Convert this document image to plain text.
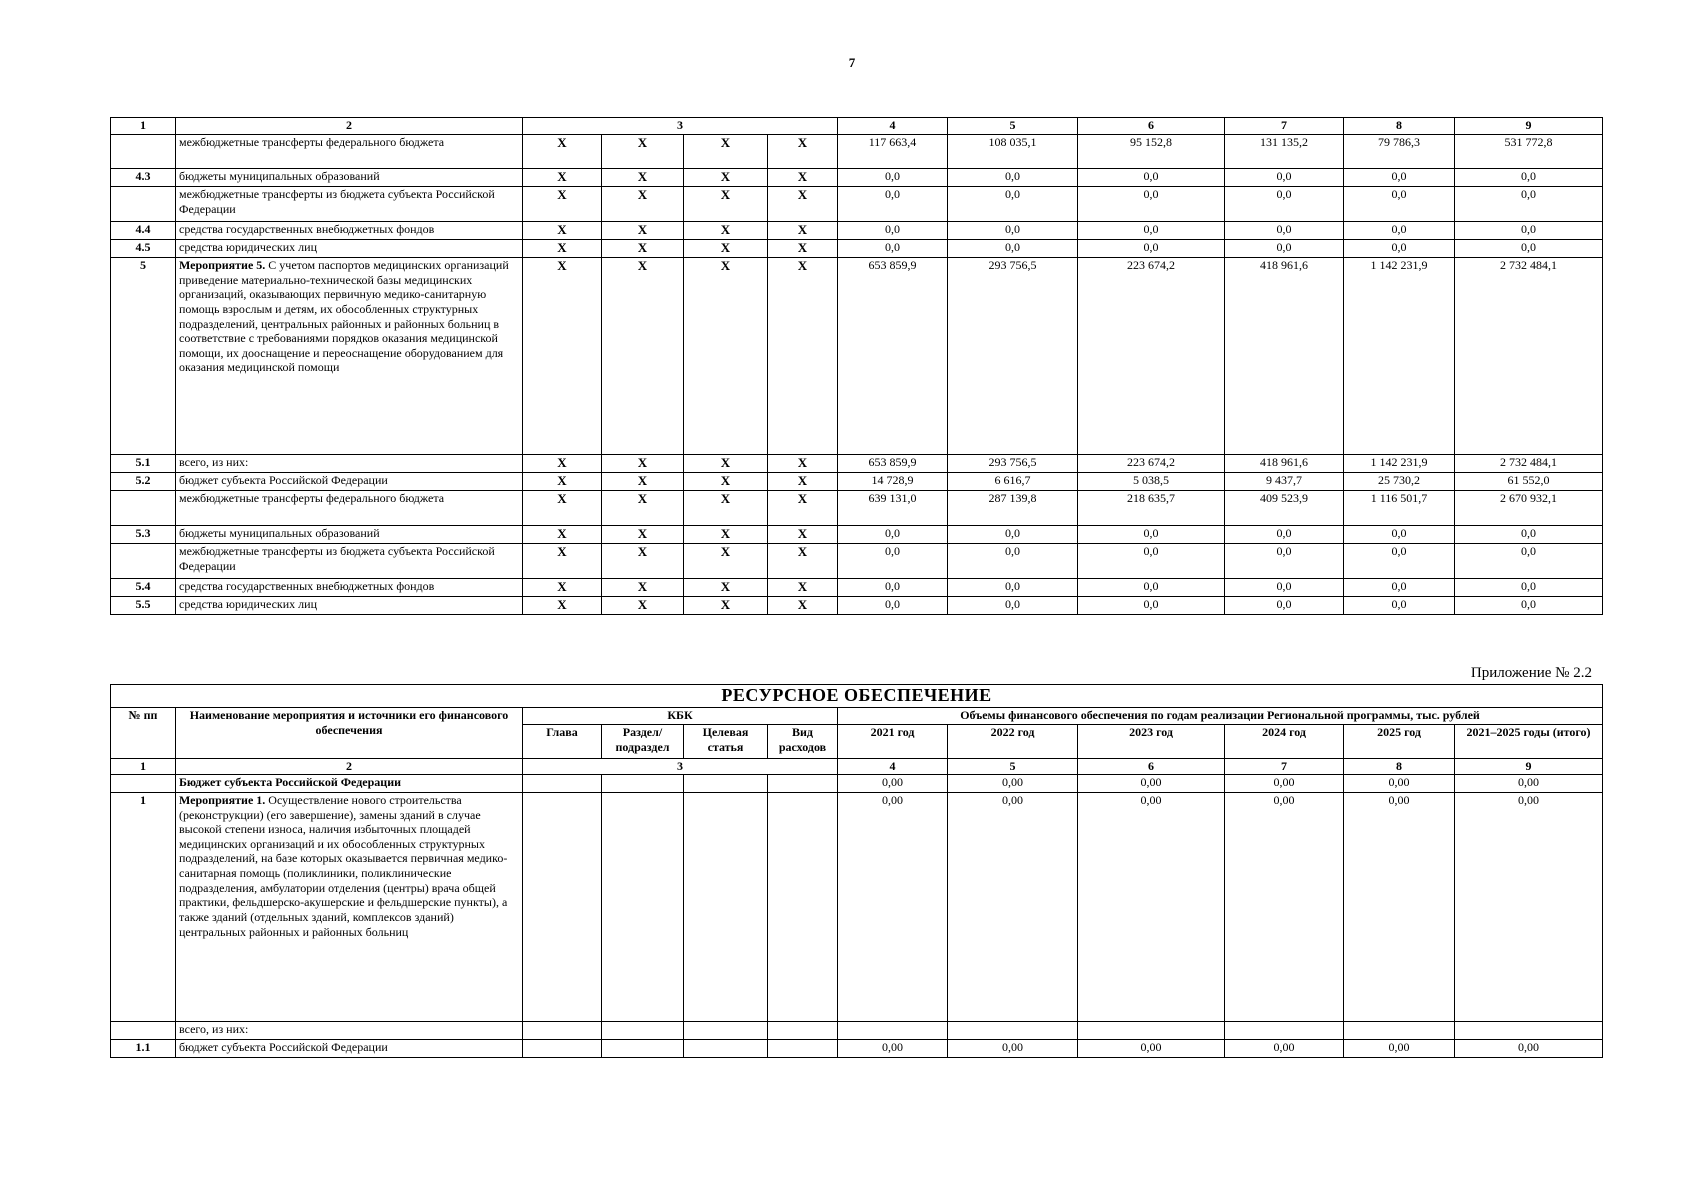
7
1	2	3				4	5	6	7	8	9
	межбюджетные трансферты федерального бюджета	X	X	X	X	117 663,4	108 035,1	95 152,8	131 135,2	79 786,3	531 772,8
4.3	бюджеты муниципальных образований	X	X	X	X	0,0	0,0	0,0	0,0	0,0	0,0
	межбюджетные трансферты из бюджета субъекта Российской Федерации	X	X	X	X	0,0	0,0	0,0	0,0	0,0	0,0
4.4	средства государственных внебюджетных фондов	X	X	X	X	0,0	0,0	0,0	0,0	0,0	0,0
4.5	средства юридических лиц	X	X	X	X	0,0	0,0	0,0	0,0	0,0	0,0
5	Мероприятие 5. С учетом паспортов медицинских организаций приведение материально-технической базы медицинских организаций, оказывающих первичную медико-санитарную помощь взрослым и детям, их обособленных структурных подразделений, центральных районных и районных больниц в соответствие с требованиями порядков оказания медицинской помощи, их дооснащение и переоснащение оборудованием для оказания медицинской помощи	X	X	X	X	653 859,9	293 756,5	223 674,2	418 961,6	1 142 231,9	2 732 484,1
5.1	всего, из них:	X	X	X	X	653 859,9	293 756,5	223 674,2	418 961,6	1 142 231,9	2 732 484,1
5.2	бюджет субъекта Российской Федерации	X	X	X	X	14 728,9	6 616,7	5 038,5	9 437,7	25 730,2	61 552,0
	межбюджетные трансферты федерального бюджета	X	X	X	X	639 131,0	287 139,8	218 635,7	409 523,9	1 116 501,7	2 670 932,1
5.3	бюджеты муниципальных образований	X	X	X	X	0,0	0,0	0,0	0,0	0,0	0,0
	межбюджетные трансферты из бюджета субъекта Российской Федерации	X	X	X	X	0,0	0,0	0,0	0,0	0,0	0,0
5.4	средства государственных внебюджетных фондов	X	X	X	X	0,0	0,0	0,0	0,0	0,0	0,0
5.5	средства юридических лиц	X	X	X	X	0,0	0,0	0,0	0,0	0,0	0,0
Приложение № 2.2
РЕСУРСНОЕ ОБЕСПЕЧЕНИЕ											
№ пп	Наименование мероприятия и источники его финансового обеспечения	КБК				Объемы финансового обеспечения по годам реализации Региональной программы, тыс. рублей					
		Глава	Раздел/ подраздел	Целевая статья	Вид расходов	2021 год	2022 год	2023 год	2024 год	2025 год	2021–2025 годы (итого)
1	2	3				4	5	6	7	8	9
	Бюджет субъекта Российской Федерации					0,00	0,00	0,00	0,00	0,00	0,00
1	Мероприятие 1. Осуществление нового строительства (реконструкции) (его завершение), замены зданий в случае высокой степени износа, наличия избыточных площадей медицинских организаций и их обособленных структурных подразделений, на базе которых оказывается первичная медико-санитарная помощь (поликлиники, поликлинические подразделения, амбулатории отделения (центры) врача общей практики, фельдшерско-акушерские и фельдшерские пункты), а также зданий (отдельных зданий, комплексов зданий) центральных районных и районных больниц					0,00	0,00	0,00	0,00	0,00	0,00
	всего, из них:										
1.1	бюджет субъекта Российской Федерации					0,00	0,00	0,00	0,00	0,00	0,00
